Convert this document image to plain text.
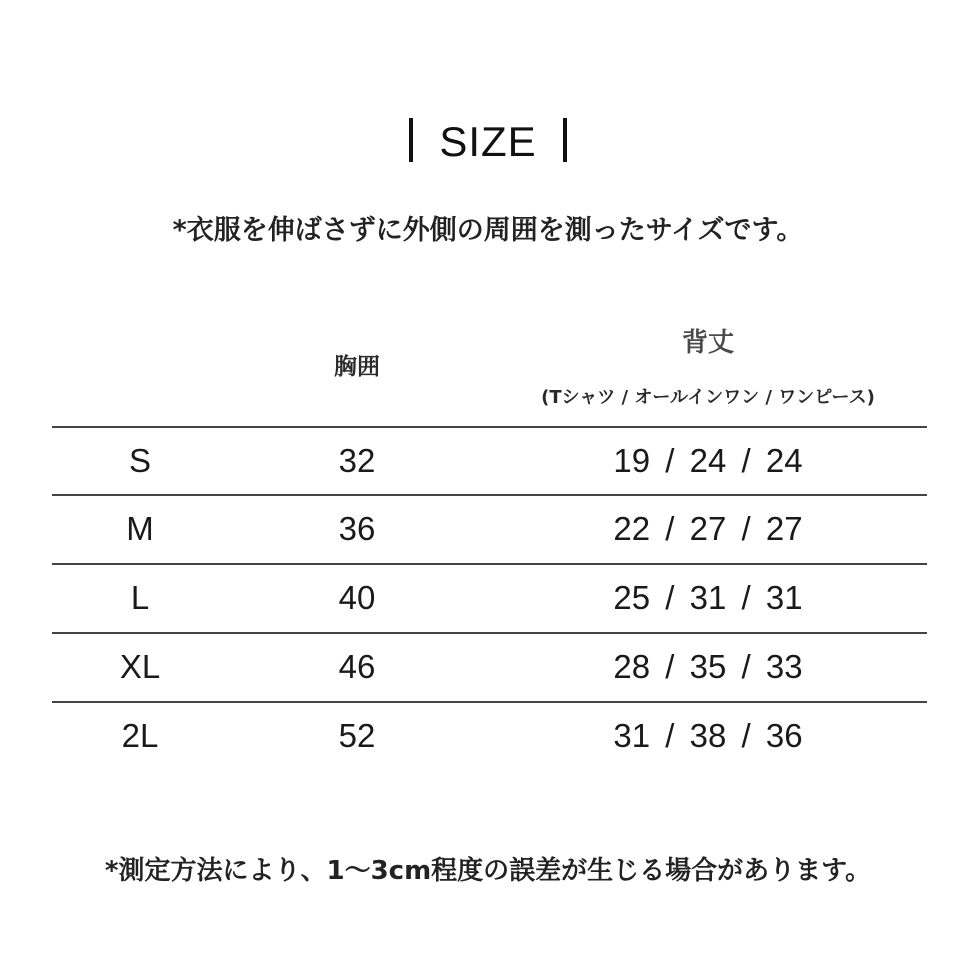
SIZE
*衣服を伸ばさずに外側の周囲を測ったサイズです。
胸囲
背丈
(Tシャツ / オールインワン / ワンピース)
S	32	19 / 24 / 24
M	36	22 / 27 / 27
L	40	25 / 31 / 31
XL	46	28 / 35 / 33
2L	52	31 / 38 / 36
*測定方法により、1〜3cm程度の誤差が生じる場合があります。
